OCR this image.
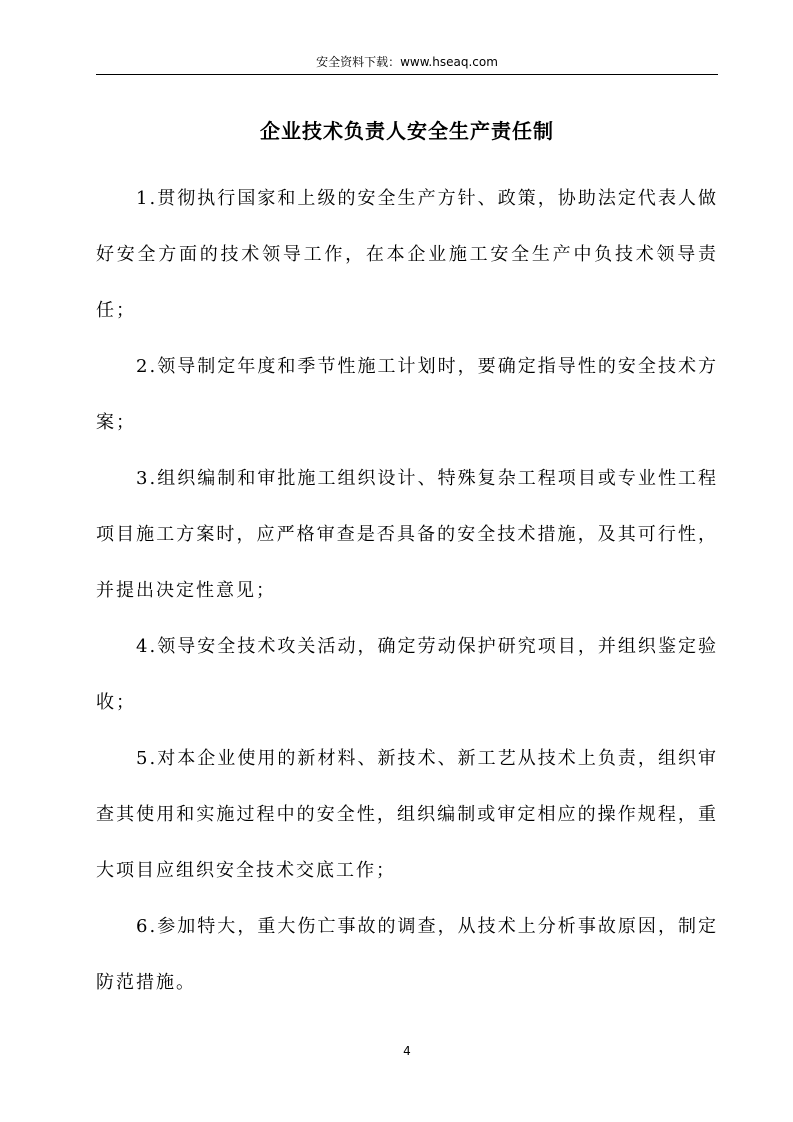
安全资料下载：www.hseaq.com
企业技术负责人安全生产责任制

1.贯彻执行国家和上级的安全生产方针、政策，协助法定代表人做好安全方面的技术领导工作，在本企业施工安全生产中负技术领导责任；

2.领导制定年度和季节性施工计划时，要确定指导性的安全技术方案；

3.组织编制和审批施工组织设计、特殊复杂工程项目或专业性工程项目施工方案时，应严格审查是否具备的安全技术措施，及其可行性，并提出决定性意见；

4.领导安全技术攻关活动，确定劳动保护研究项目，并组织鉴定验收；

5.对本企业使用的新材料、新技术、新工艺从技术上负责，组织审查其使用和实施过程中的安全性，组织编制或审定相应的操作规程，重大项目应组织安全技术交底工作；

6.参加特大，重大伤亡事故的调查，从技术上分析事故原因，制定防范措施。

4
